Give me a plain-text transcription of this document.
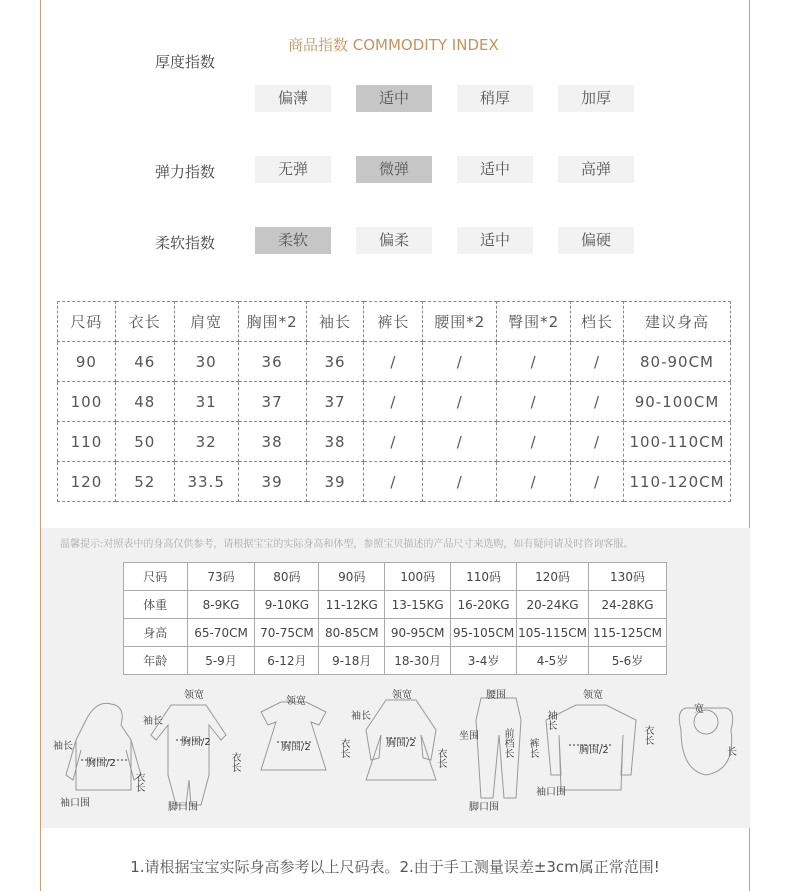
商品指数 COMMODITY INDEX
厚度指数
偏薄	适中	稍厚	加厚
弹力指数	无弹	微弹	适中	高弹
柔软指数	柔软	偏柔	适中	偏硬
尺码	衣长	肩宽	胸围*2	袖长	裤长	腰围*2	臀围*2	档长	建议身高
90	46	30	36	36	/	/	/	/	80-90CM
100	48	31	37	37	/	/	/	/	90-100CM
110	50	32	38	38	/	/	/	/	100-110CM
120	52	33.5	39	39	/	/	/	/	110-120CM
温馨提示:对照表中的身高仅供参考，请根据宝宝的实际身高和体型，参照宝贝描述的产品尺寸来选购，如有疑问请及时咨询客服。
尺码	73码	80码	90码	100码	110码	120码	130码
体重	8-9KG	9-10KG	11-12KG	13-15KG	16-20KG	20-24KG	24-28KG
身高	65-70CM	70-75CM	80-85CM	90-95CM	95-105CM	105-115CM	115-125CM
年龄	5-9月	6-12月	9-18月	18-30月	3-4岁	4-5岁	5-6岁
袖长
胸围/2
衣长
袖口围
领宽
袖长
胸围/2
衣长
脚口围
领宽
胸围/2	衣长
领宽
袖长
胸围/2
衣长
腰围
坐围 前档长 裤长
脚口围
领宽
袖长
胸围/2
衣长
袖口围
宽
长
1.请根据宝宝实际身高参考以上尺码表。2.由于手工测量误差±3cm属正常范围!
